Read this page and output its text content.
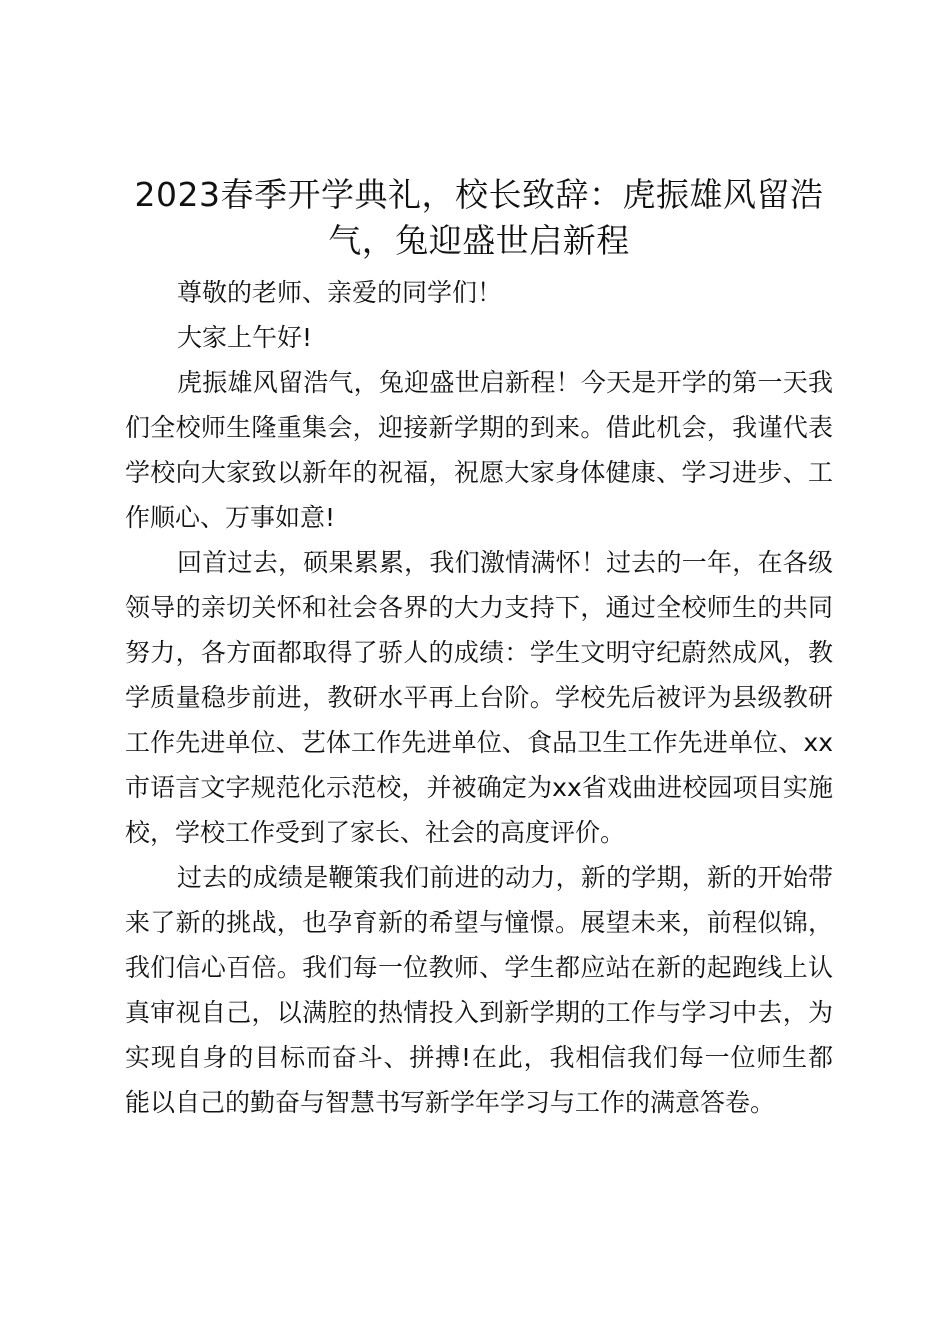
2023春季开学典礼，校长致辞：虎振雄风留浩气，兔迎盛世启新程

尊敬的老师、亲爱的同学们！

大家上午好!

虎振雄风留浩气，兔迎盛世启新程！今天是开学的第一天我们全校师生隆重集会，迎接新学期的到来。借此机会，我谨代表学校向大家致以新年的祝福，祝愿大家身体健康、学习进步、工作顺心、万事如意!

回首过去，硕果累累，我们激情满怀！过去的一年，在各级领导的亲切关怀和社会各界的大力支持下，通过全校师生的共同努力，各方面都取得了骄人的成绩：学生文明守纪蔚然成风，教学质量稳步前进，教研水平再上台阶。学校先后被评为县级教研工作先进单位、艺体工作先进单位、食品卫生工作先进单位、xx市语言文字规范化示范校，并被确定为xx省戏曲进校园项目实施校，学校工作受到了家长、社会的高度评价。

过去的成绩是鞭策我们前进的动力，新的学期，新的开始带来了新的挑战，也孕育新的希望与憧憬。展望未来，前程似锦，我们信心百倍。我们每一位教师、学生都应站在新的起跑线上认真审视自己，以满腔的热情投入到新学期的工作与学习中去，为实现自身的目标而奋斗、拼搏!在此，我相信我们每一位师生都能以自己的勤奋与智慧书写新学年学习与工作的满意答卷。
